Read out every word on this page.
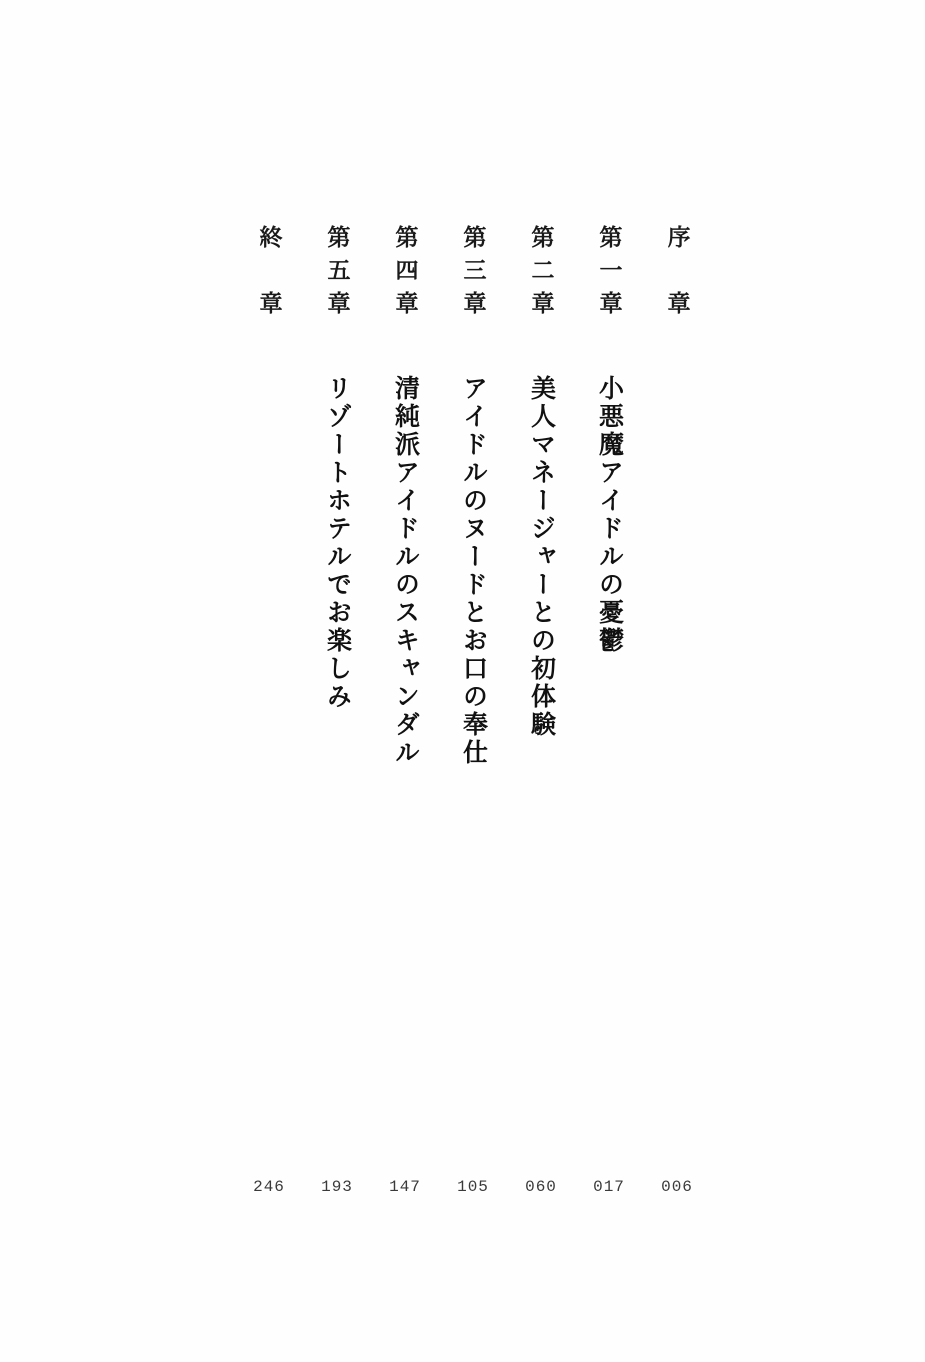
序　章
第一章
小悪魔アイドルの憂鬱
第二章
美人マネージャーとの初体験
第三章
アイドルのヌードとお口の奉仕
第四章
清純派アイドルのスキャンダル
第五章
リゾートホテルでお楽しみ
終　章
006
017
060
105
147
193
246
